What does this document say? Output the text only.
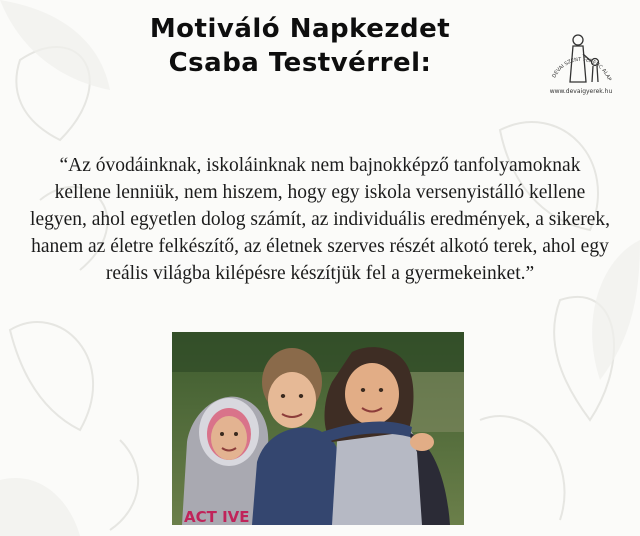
Motiváló Napkezdet
Csaba Testvérrel:	DÉVAI SZENT FERENC ALAP
www.devaigyerek.hu

“Az óvodáinknak, iskoláinknak nem bajnokképző tanfolyamoknak kellene lenniük, nem hiszem, hogy egy iskola versenyistálló kellene legyen, ahol egyetlen dolog számít, az individuális eredmények, a sikerek, hanem az életre felkészítő, az életnek szerves részét alkotó terek, ahol egy reális világba kilépésre készítjük fel a gyermekeinket.”

ACT IVE
